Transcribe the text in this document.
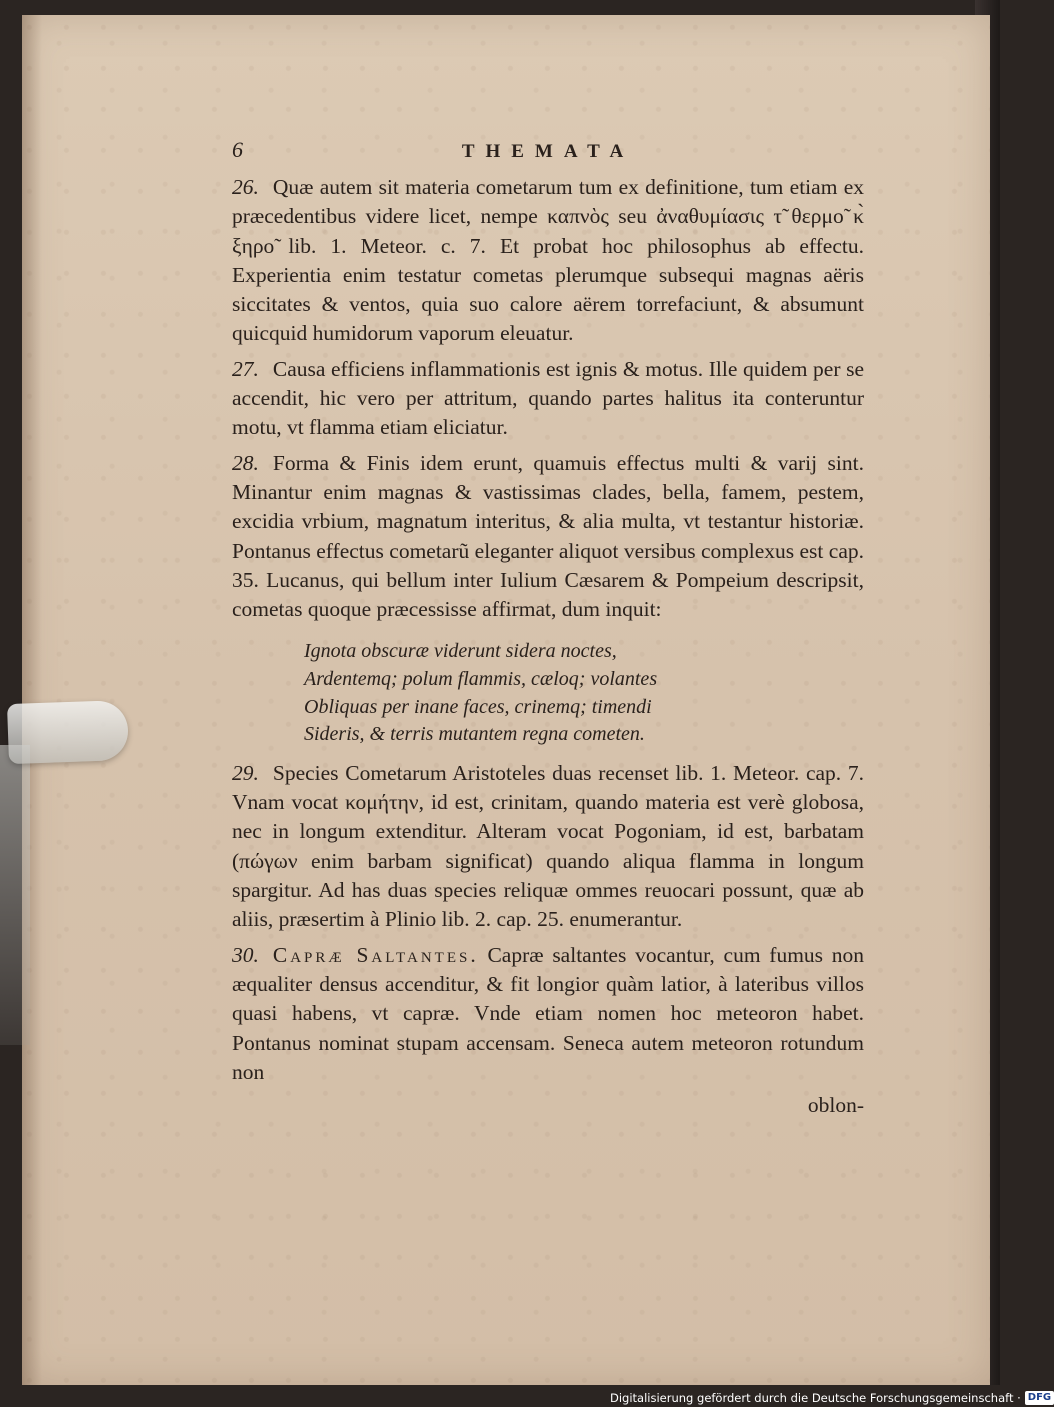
6	THEMATA
26. Quæ autem sit materia cometarum tum ex definitione, tum etiam ex præcedentibus videre licet, nempe καπνὸς seu ἀναθυμίασις τ̃ θερμο̃ κ̀ ξηρο̃ lib. 1. Meteor. c. 7. Et probat hoc philosophus ab effectu. Experientia enim testatur cometas plerumque subsequi magnas aëris siccitates & ventos, quia suo calore aërem torrefaciunt, & absumunt quicquid humidorum vaporum eleuatur.
27. Causa efficiens inflammationis est ignis & motus. Ille quidem per se accendit, hic vero per attritum, quando partes halitus ita conteruntur motu, vt flamma etiam eliciatur.
28. Forma & Finis idem erunt, quamuis effectus multi & varij sint. Minantur enim magnas & vastissimas clades, bella, famem, pestem, excidia vrbium, magnatum interitus, & alia multa, vt testantur historiæ. Pontanus effectus cometarũ eleganter aliquot versibus complexus est cap. 35. Lucanus, qui bellum inter Iulium Cæsarem & Pompeium descripsit, cometas quoque præcessisse affirmat, dum inquit:
Ignota obscuræ viderunt sidera noctes,
Ardentemq; polum flammis, cæloq; volantes
Obliquas per inane faces, crinemq; timendi
Sideris, & terris mutantem regna cometen.
29. Species Cometarum Aristoteles duas recenset lib. 1. Meteor. cap. 7. Vnam vocat κομήτην, id est, crinitam, quando materia est verè globosa, nec in longum extenditur. Alteram vocat Pogoniam, id est, barbatam (πώγων enim barbam significat) quando aliqua flamma in longum spargitur. Ad has duas species reliquæ ommes reuocari possunt, quæ ab aliis, præsertim à Plinio lib. 2. cap. 25. enumerantur.
30. Capræ Saltantes. Capræ saltantes vocantur, cum fumus non æqualiter densus accenditur, & fit longior quàm latior, à lateribus villos quasi habens, vt capræ. Vnde etiam nomen hoc meteoron habet. Pontanus nominat stupam accensam. Seneca autem meteoron rotundum non
oblon-
Digitalisierung gefördert durch die Deutsche Forschungsgemeinschaft · DFG
